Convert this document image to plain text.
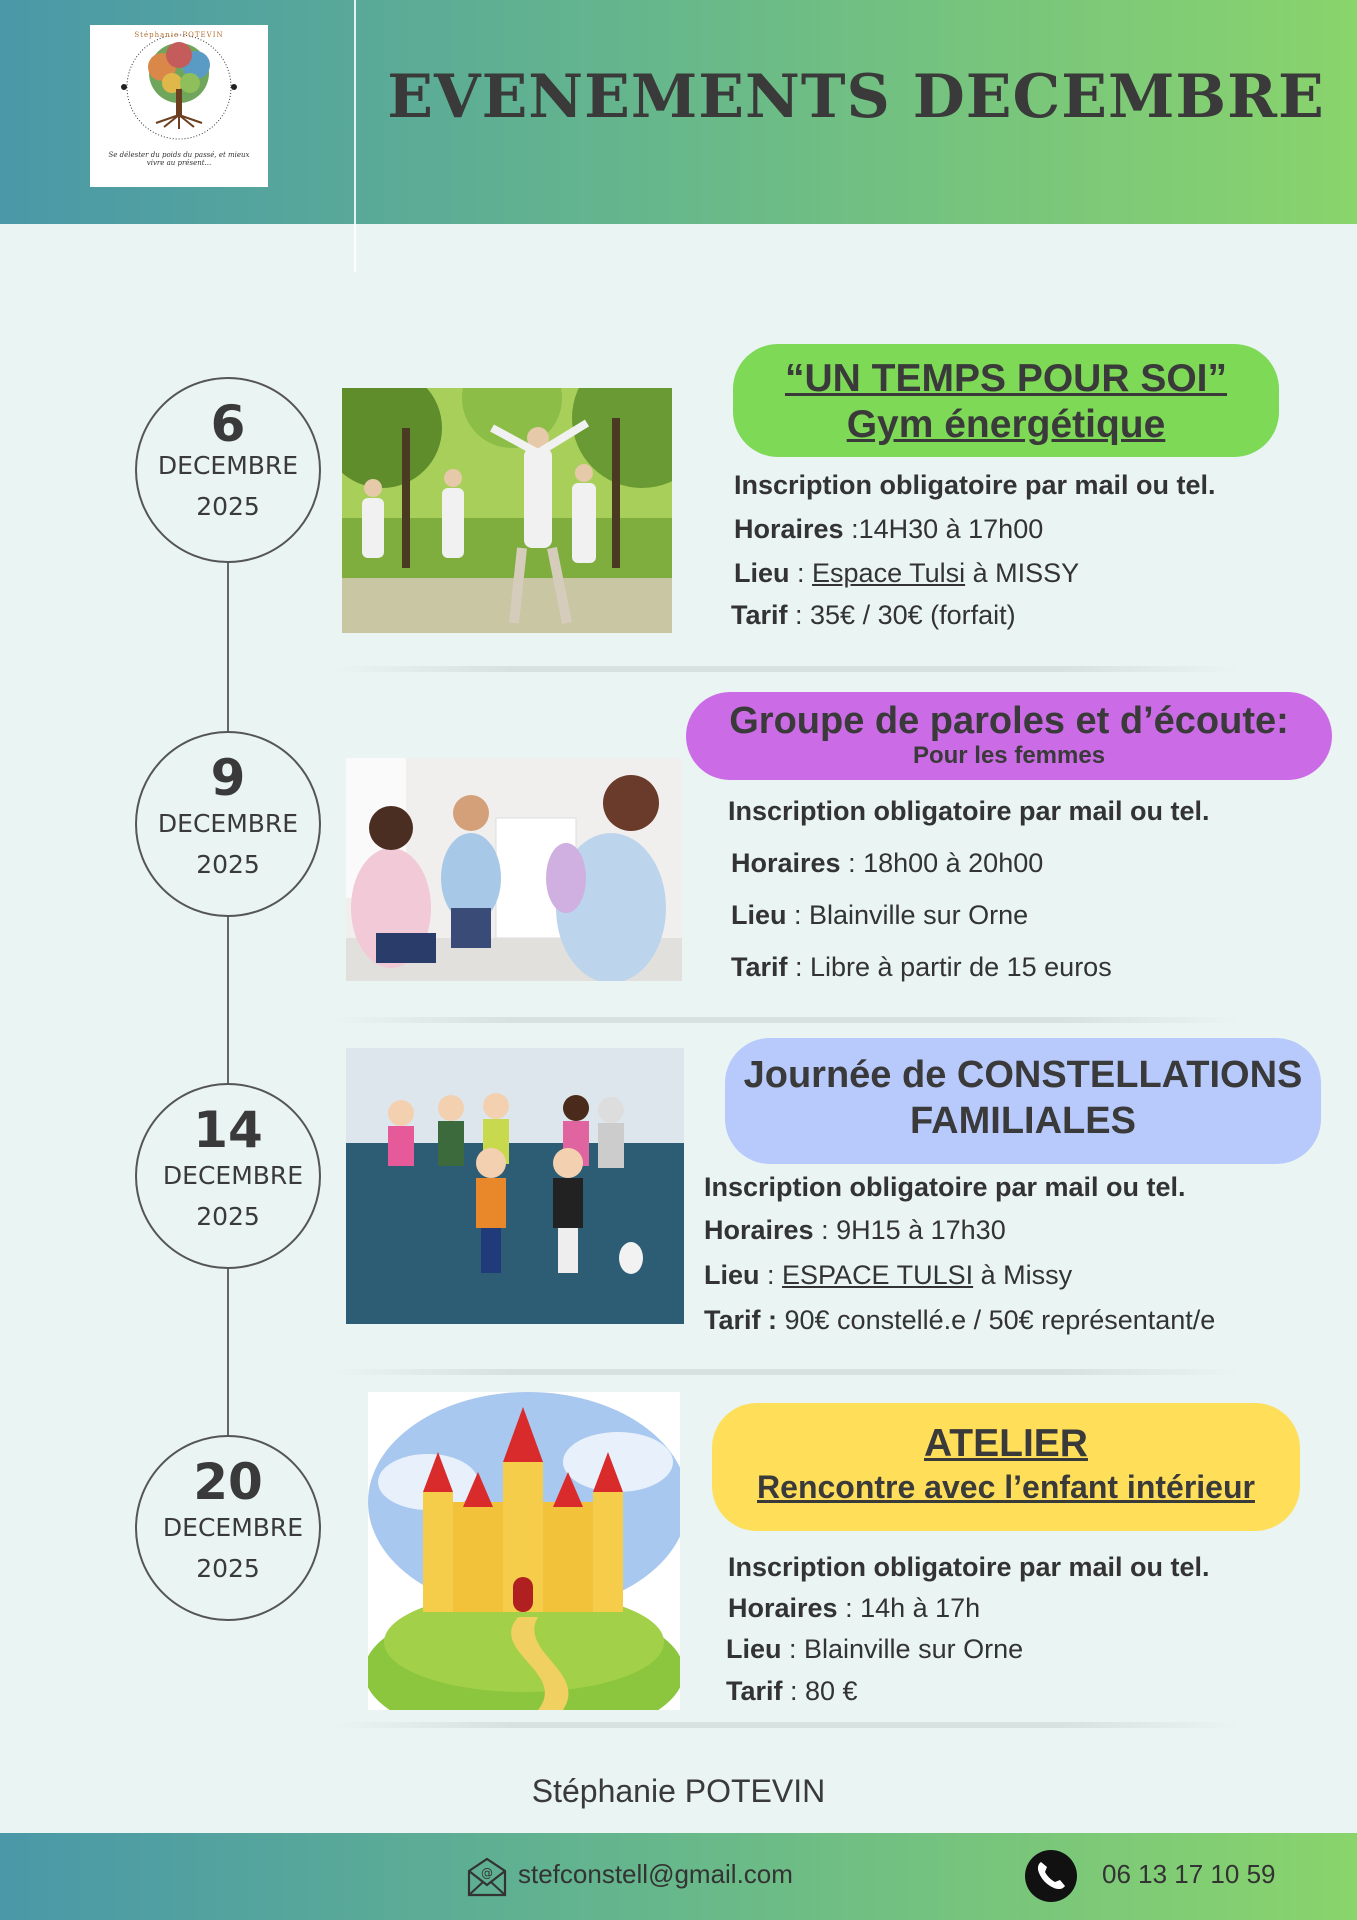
Stéphanie POTEVIN
Se délester du poids du passé, et mieux vivre au présent...
EVENEMENTS DECEMBRE
6
DECEMBRE
2025
“UN TEMPS POUR SOI”
Gym énergétique
Inscription obligatoire par mail ou tel.
Horaires :14H30 à 17h00
Lieu : Espace Tulsi à MISSY
Tarif : 35€ / 30€ (forfait)
9
DECEMBRE
2025
Groupe de paroles et d’écoute:
Pour les femmes
Inscription obligatoire par mail ou tel.
Horaires : 18h00 à 20h00
Lieu : Blainville sur Orne
Tarif : Libre à partir de 15 euros
14
DECEMBRE
2025
Journée de CONSTELLATIONS
FAMILIALES
Inscription obligatoire par mail ou tel.
Horaires : 9H15 à 17h30
Lieu : ESPACE TULSI à Missy
Tarif : 90€ constellé.e / 50€ représentant/e
20
DECEMBRE
2025
ATELIER
Rencontre avec l’enfant intérieur
Inscription obligatoire par mail ou tel.
Horaires : 14h à 17h
Lieu : Blainville sur Orne
Tarif : 80 €
Stéphanie POTEVIN
@ stefconstell@gmail.com	06 13 17 10 59
